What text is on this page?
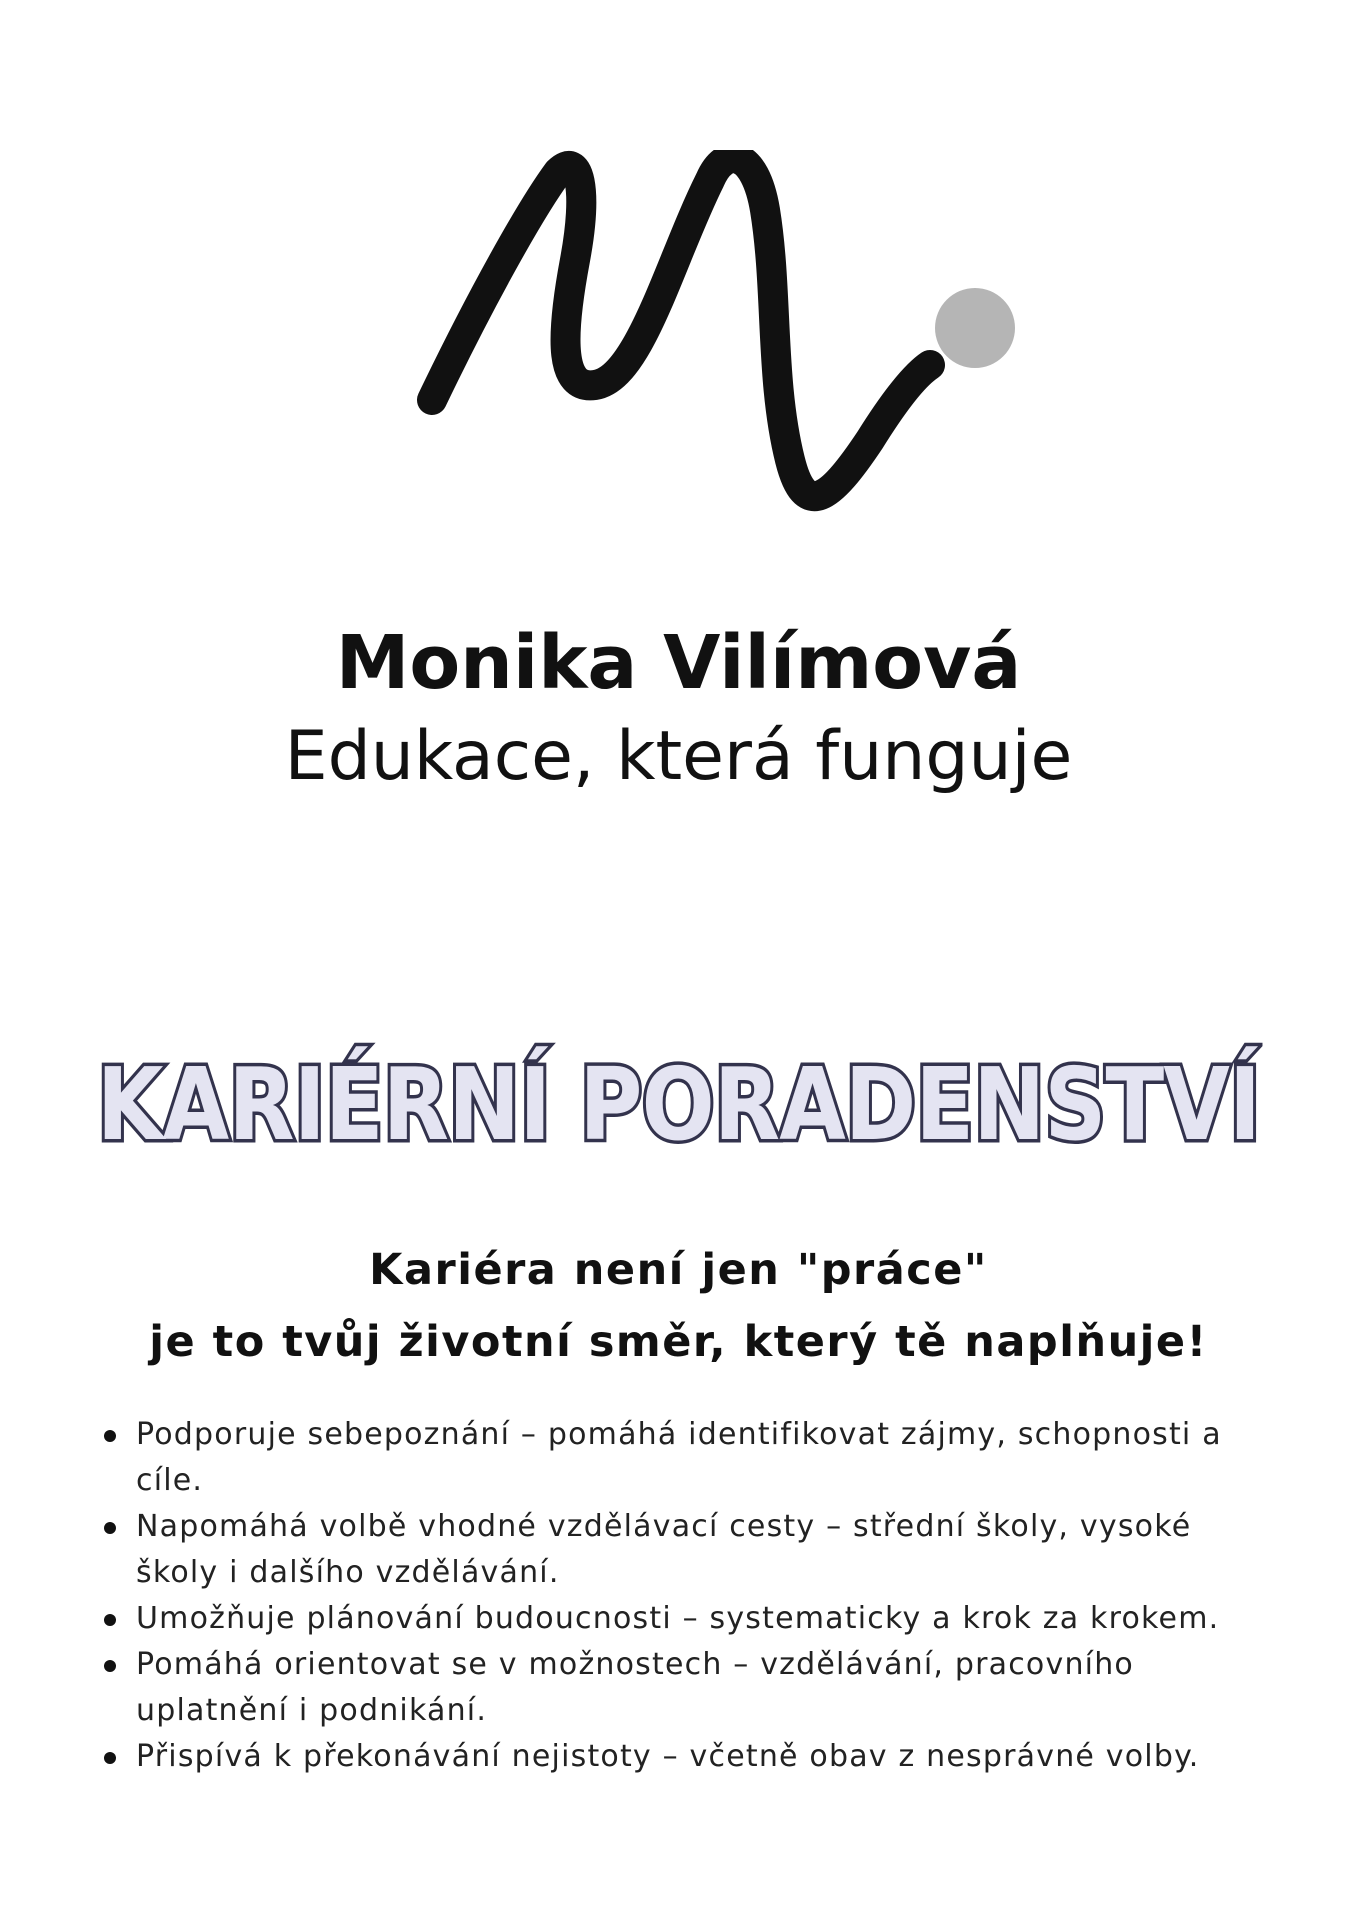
Monika Vilímová
Edukace, která funguje
KARIÉRNÍ PORADENSTVÍ
Kariéra není jen "práce"
je to tvůj životní směr, který tě naplňuje!
Podporuje sebepoznání – pomáhá identifikovat zájmy, schopnosti a cíle.
Napomáhá volbě vhodné vzdělávací cesty – střední školy, vysoké školy i dalšího vzdělávání.
Umožňuje plánování budoucnosti – systematicky a krok za krokem.
Pomáhá orientovat se v možnostech – vzdělávání, pracovního uplatnění i podnikání.
Přispívá k překonávání nejistoty – včetně obav z nesprávné volby.
